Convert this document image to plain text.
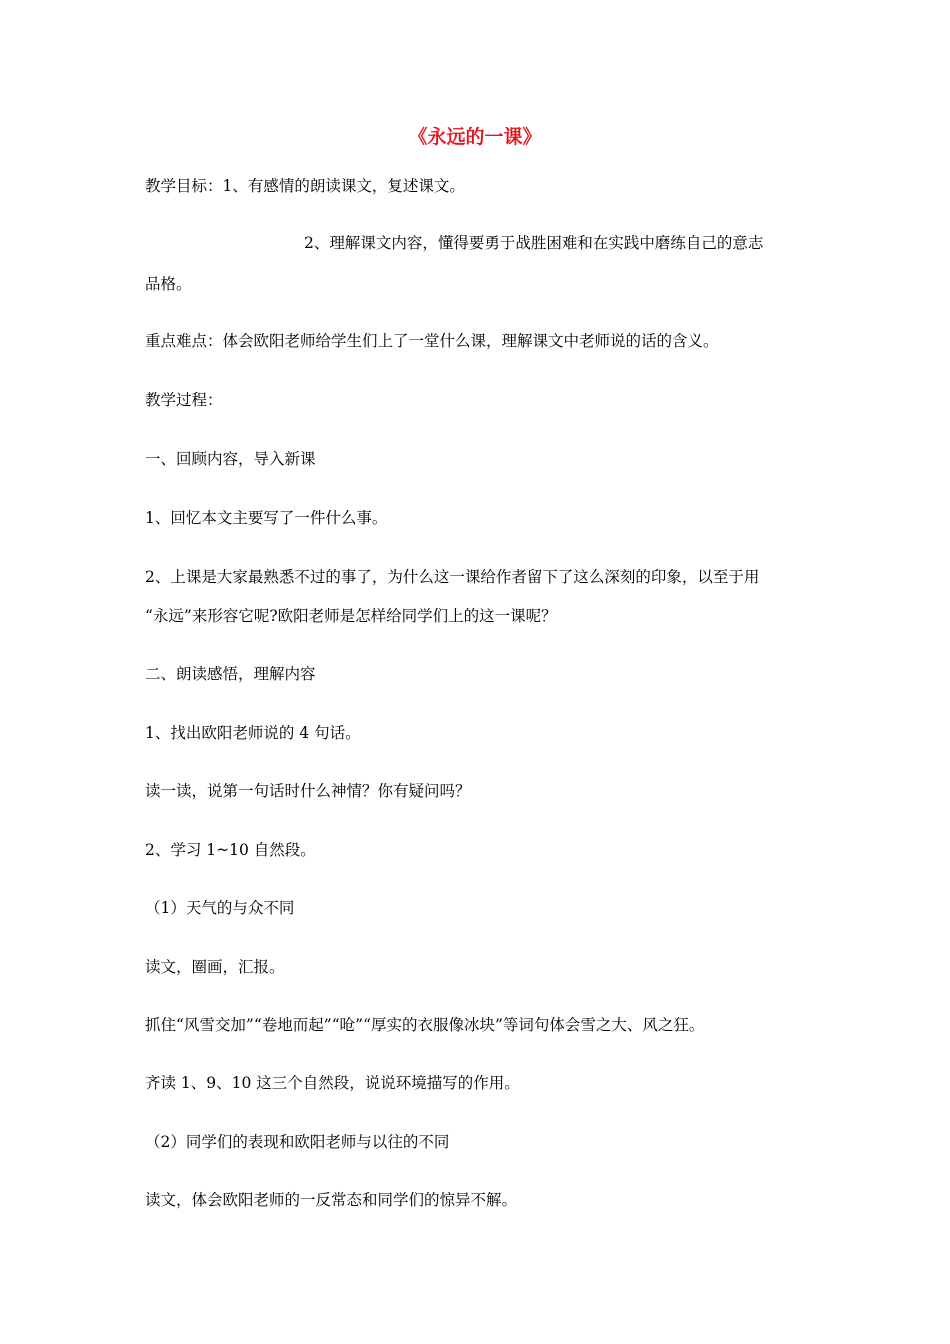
《永远的一课》
教学目标：1、有感情的朗读课文，复述课文。
2、理解课文内容，懂得要勇于战胜困难和在实践中磨练自己的意志
品格。
重点难点：体会欧阳老师给学生们上了一堂什么课，理解课文中老师说的话的含义。
教学过程：
一、回顾内容，导入新课
1、回忆本文主要写了一件什么事。
2、上课是大家最熟悉不过的事了，为什么这一课给作者留下了这么深刻的印象，以至于用
“永远”来形容它呢?欧阳老师是怎样给同学们上的这一课呢？
二、朗读感悟，理解内容
1、找出欧阳老师说的 4 句话。
读一读，说第一句话时什么神情？你有疑问吗？
2、学习 1~10 自然段。
（1）天气的与众不同
读文，圈画，汇报。
抓住“风雪交加”“卷地而起”“呛”“厚实的衣服像冰块”等词句体会雪之大、风之狂。
齐读 1、9、10 这三个自然段，说说环境描写的作用。
（2）同学们的表现和欧阳老师与以往的不同
读文，体会欧阳老师的一反常态和同学们的惊异不解。
